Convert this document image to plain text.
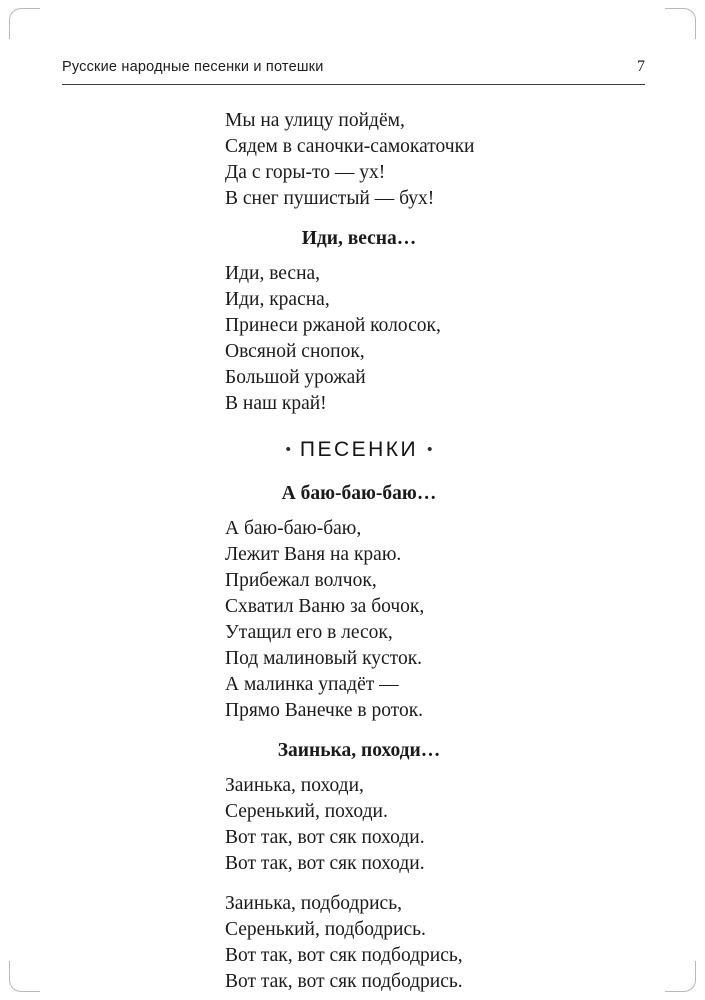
Русские народные песенки и потешки	7
Мы на улицу пойдём,
Сядем в саночки-самокаточки
Да с горы-то — ух!
В снег пушистый — бух!
Иди, весна…
Иди, весна,
Иди, красна,
Принеси ржаной колосок,
Овсяной снопок,
Большой урожай
В наш край!
• ПЕСЕНКИ •
А баю-баю-баю…
А баю-баю-баю,
Лежит Ваня на краю.
Прибежал волчок,
Схватил Ваню за бочок,
Утащил его в лесок,
Под малиновый кусток.
А малинка упадёт —
Прямо Ванечке в роток.
Заинька, походи…
Заинька, походи,
Серенький, походи.
Вот так, вот сяк походи.
Вот так, вот сяк походи.
Заинька, подбодрись,
Серенький, подбодрись.
Вот так, вот сяк подбодрись,
Вот так, вот сяк подбодрись.
